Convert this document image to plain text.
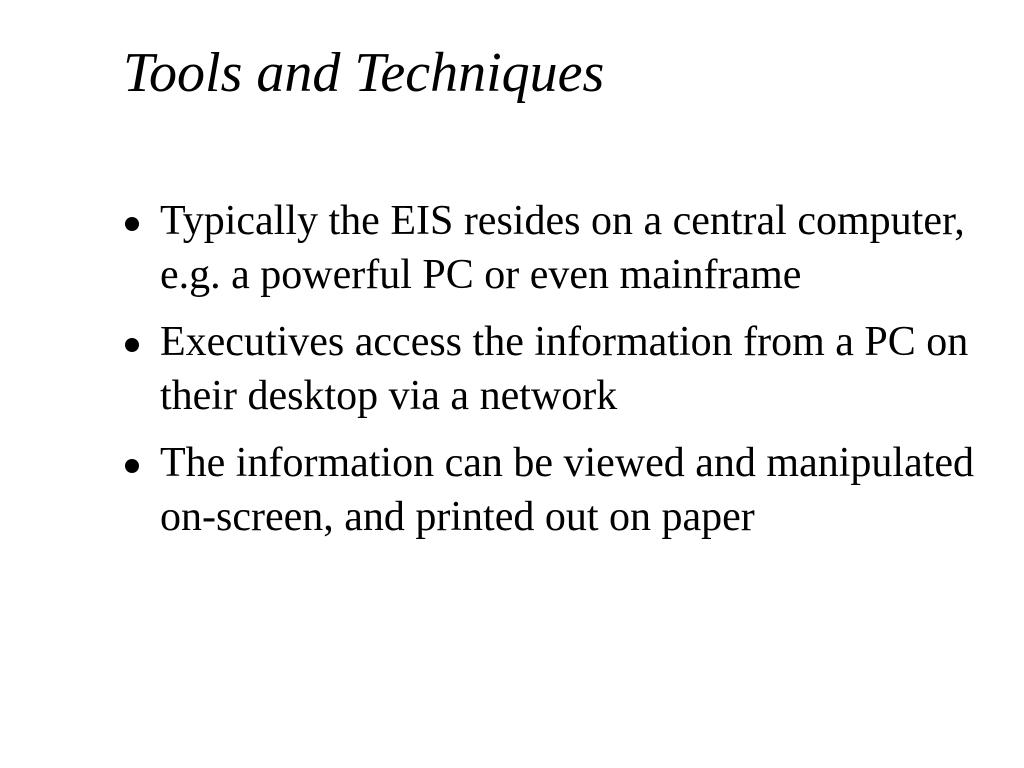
Tools and Techniques
Typically the EIS resides on a central computer, e.g. a powerful PC or even mainframe
Executives access the information from a PC on their desktop via a network
The information can be viewed and manipulated on-screen, and printed out on paper
